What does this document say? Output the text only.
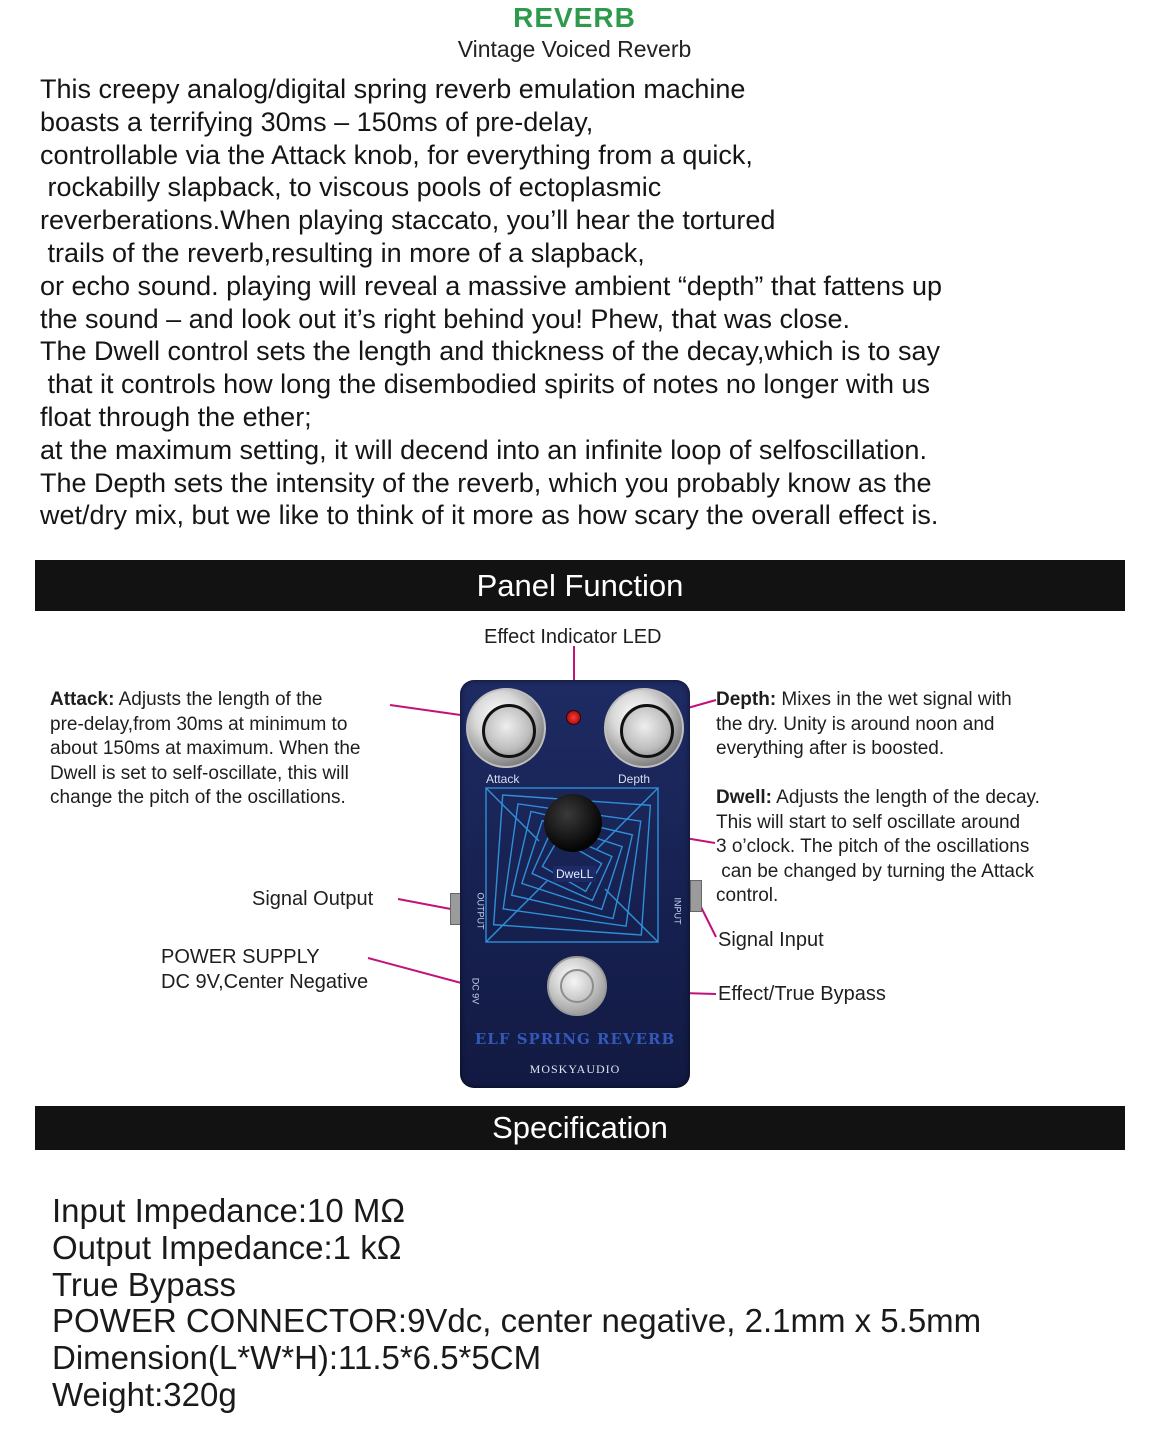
REVERB
Vintage Voiced Reverb
This creepy analog/digital spring reverb emulation machine
boasts a terrifying 30ms – 150ms of pre-delay,
controllable via the Attack knob, for everything from a quick,
rockabilly slapback, to viscous pools of ectoplasmic
reverberations.When playing staccato, you’ll hear the tortured
trails of the reverb,resulting in more of a slapback,
or echo sound. playing will reveal a massive ambient “depth” that fattens up
the sound – and look out it’s right behind you! Phew, that was close.
The Dwell control sets the length and thickness of the decay,which is to say
that it controls how long the disembodied spirits of notes no longer with us
float through the ether;
at the maximum setting, it will decend into an infinite loop of selfoscillation.
The Depth sets the intensity of the reverb, which you probably know as the
wet/dry mix, but we like to think of it more as how scary the overall effect is.
Panel Function
Effect Indicator LED
Attack: Adjusts the length of the
pre-delay,from 30ms at minimum to
about 150ms at maximum. When the
Dwell is set to self-oscillate, this will
change the pitch of the oscillations.
Depth: Mixes in the wet signal with
the dry. Unity is around noon and
everything after is boosted.
Dwell: Adjusts the length of the decay.
This will start to self oscillate around
3 o’clock. The pitch of the oscillations
can be changed by turning the Attack
control.
Signal Output
Signal Input
POWER SUPPLY
DC 9V,Center Negative
Effect/True Bypass
Attack	Depth
DweLL
OUTPUT	INPUT
DC 9V
ELF SPRING REVERB
MOSKYAUDIO
Specification
Input Impedance:10 MΩ
Output Impedance:1 kΩ
True Bypass
POWER CONNECTOR:9Vdc, center negative, 2.1mm x 5.5mm
Dimension(L*W*H):11.5*6.5*5CM
Weight:320g
